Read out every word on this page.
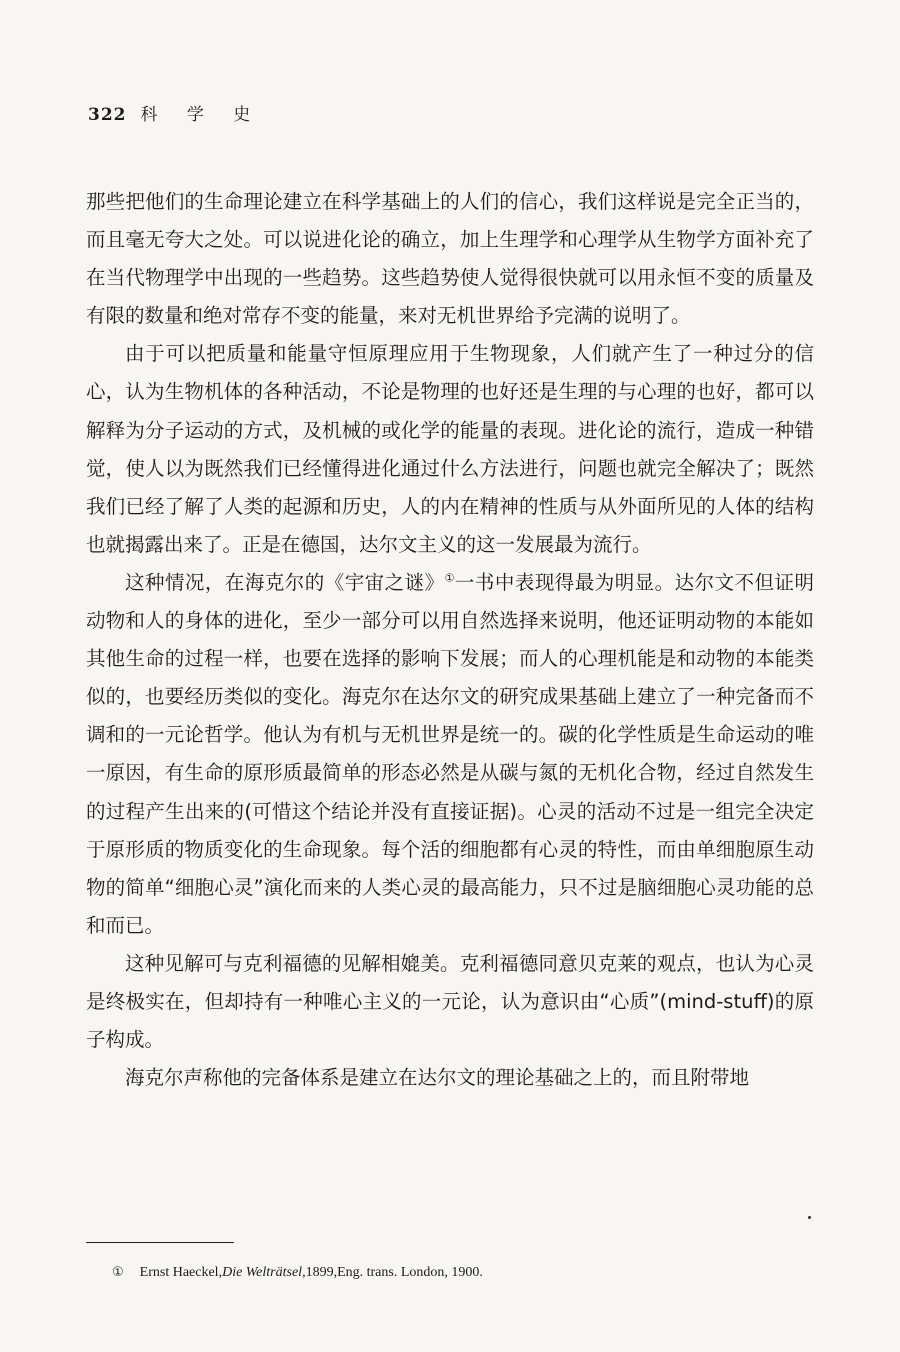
322 科 学 史

那些把他们的生命理论建立在科学基础上的人们的信心，我们这样说是完全正当的，而且毫无夸大之处。可以说进化论的确立，加上生理学和心理学从生物学方面补充了在当代物理学中出现的一些趋势。这些趋势使人觉得很快就可以用永恒不变的质量及有限的数量和绝对常存不变的能量，来对无机世界给予完满的说明了。

由于可以把质量和能量守恒原理应用于生物现象，人们就产生了一种过分的信心，认为生物机体的各种活动，不论是物理的也好还是生理的与心理的也好，都可以解释为分子运动的方式，及机械的或化学的能量的表现。进化论的流行，造成一种错觉，使人以为既然我们已经懂得进化通过什么方法进行，问题也就完全解决了；既然我们已经了解了人类的起源和历史，人的内在精神的性质与从外面所见的人体的结构也就揭露出来了。正是在德国，达尔文主义的这一发展最为流行。

这种情况，在海克尔的《宇宙之谜》①一书中表现得最为明显。达尔文不但证明动物和人的身体的进化，至少一部分可以用自然选择来说明，他还证明动物的本能如其他生命的过程一样，也要在选择的影响下发展；而人的心理机能是和动物的本能类似的，也要经历类似的变化。海克尔在达尔文的研究成果基础上建立了一种完备而不调和的一元论哲学。他认为有机与无机世界是统一的。碳的化学性质是生命运动的唯一原因，有生命的原形质最简单的形态必然是从碳与氮的无机化合物，经过自然发生的过程产生出来的(可惜这个结论并没有直接证据)。心灵的活动不过是一组完全决定于原形质的物质变化的生命现象。每个活的细胞都有心灵的特性，而由单细胞原生动物的简单“细胞心灵”演化而来的人类心灵的最高能力，只不过是脑细胞心灵功能的总和而已。

这种见解可与克利福德的见解相媲美。克利福德同意贝克莱的观点，也认为心灵是终极实在，但却持有一种唯心主义的一元论，认为意识由“心质”(mind-stuff)的原子构成。

海克尔声称他的完备体系是建立在达尔文的理论基础之上的，而且附带地

① Ernst Haeckel,Die Welträtsel,1899,Eng. trans. London, 1900.
